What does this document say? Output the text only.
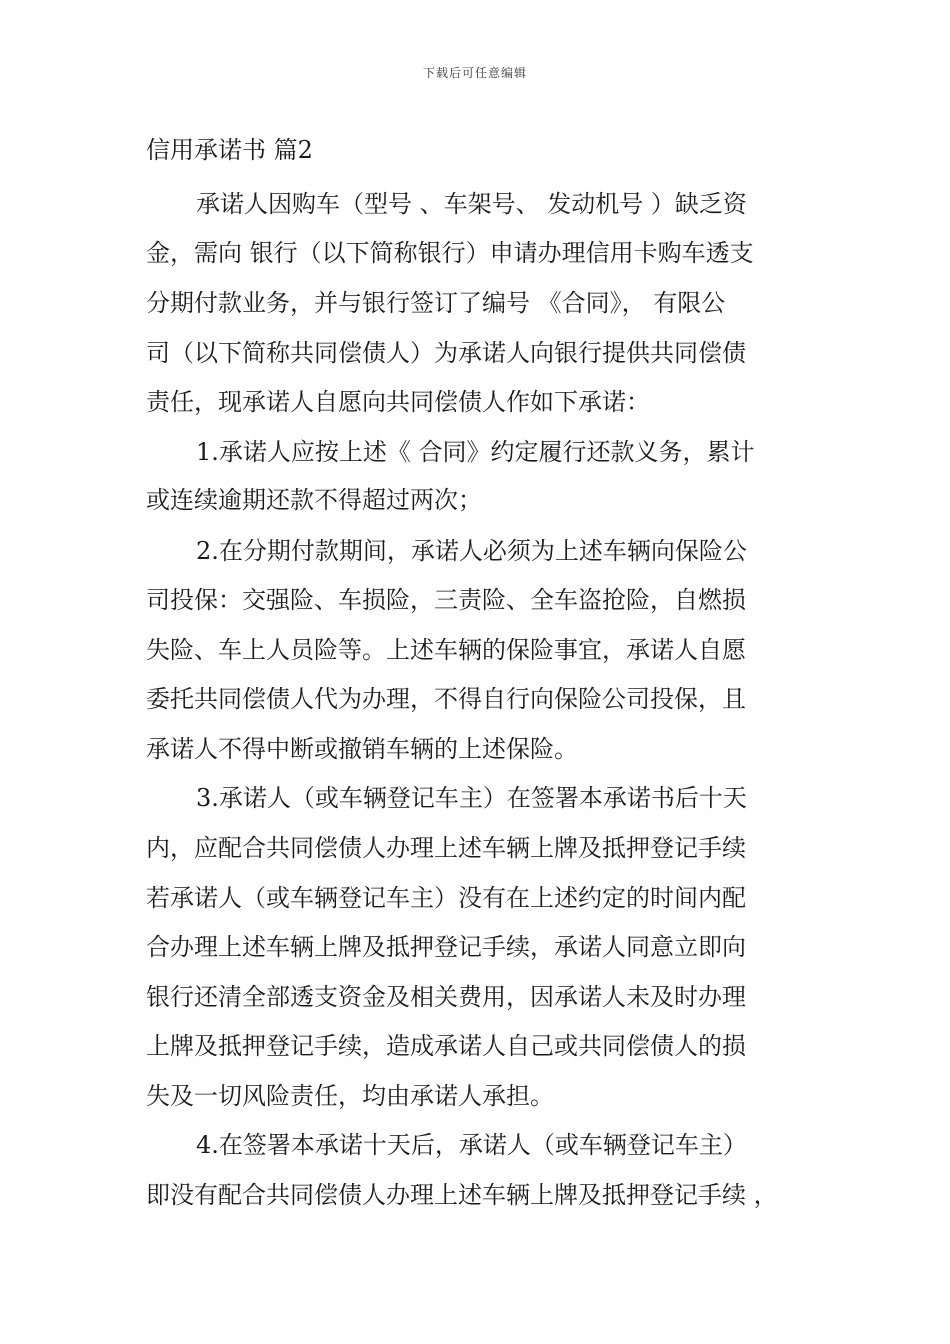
下载后可任意编辑
信用承诺书 篇2
承诺人因购车（型号 、车架号、 发动机号 ）缺乏资
金，需向 银行（以下简称银行）申请办理信用卡购车透支
分期付款业务，并与银行签订了编号 《合同》， 有限公
司（以下简称共同偿债人）为承诺人向银行提供共同偿债
责任，现承诺人自愿向共同偿债人作如下承诺：
1.承诺人应按上述《 合同》约定履行还款义务，累计
或连续逾期还款不得超过两次；
2.在分期付款期间，承诺人必须为上述车辆向保险公
司投保：交强险、车损险，三责险、全车盗抢险，自燃损
失险、车上人员险等。上述车辆的保险事宜，承诺人自愿
委托共同偿债人代为办理，不得自行向保险公司投保，且
承诺人不得中断或撤销车辆的上述保险。
3.承诺人（或车辆登记车主）在签署本承诺书后十天
内，应配合共同偿债人办理上述车辆上牌及抵押登记手续
若承诺人（或车辆登记车主）没有在上述约定的时间内配
合办理上述车辆上牌及抵押登记手续，承诺人同意立即向
银行还清全部透支资金及相关费用，因承诺人未及时办理
上牌及抵押登记手续，造成承诺人自己或共同偿债人的损
失及一切风险责任，均由承诺人承担。
4.在签署本承诺十天后，承诺人（或车辆登记车主）
即没有配合共同偿债人办理上述车辆上牌及抵押登记手续 ，
